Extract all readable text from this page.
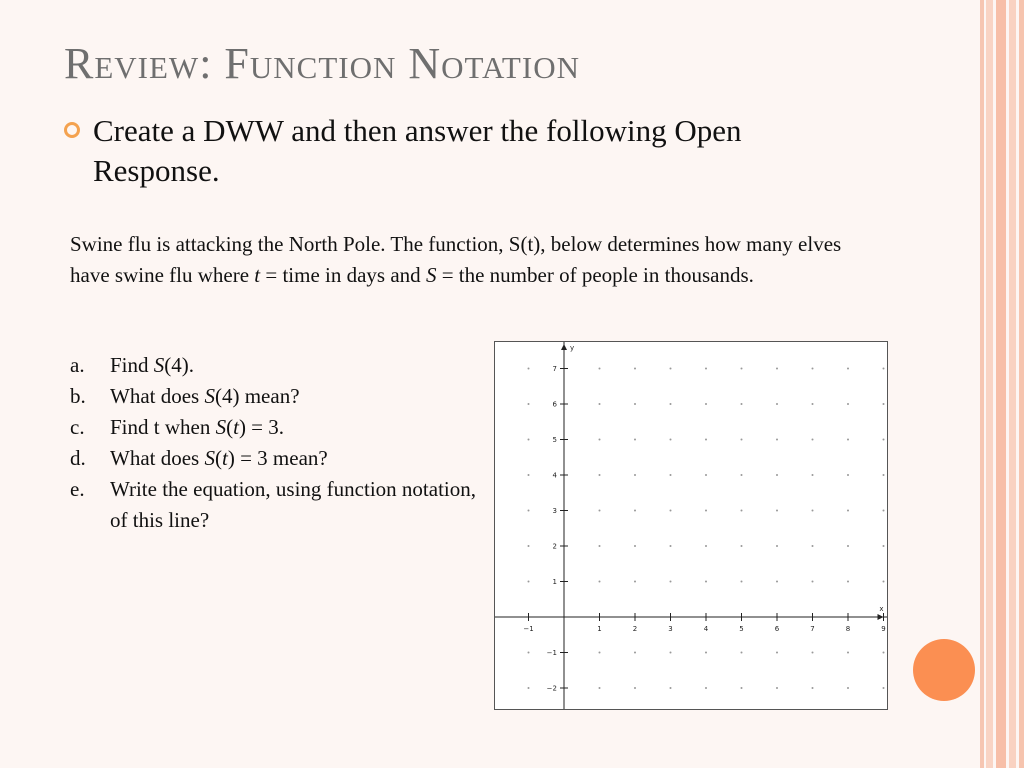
Review: Function Notation
Create a DWW and then answer the following Open Response.

Swine flu is attacking the North Pole. The function, S(t), below determines how many elves have swine flu where t = time in days and S = the number of people in thousands.

a. Find S(4).
b. What does S(4) mean?
c. Find t when S(t) = 3.
d. What does S(t) = 3 mean?
e. Write the equation, using function notation, of this line?
−1	1	2	3	4	5	6	7	8	9
7
6
5
4
3
2
1
−1
−2
x
y
